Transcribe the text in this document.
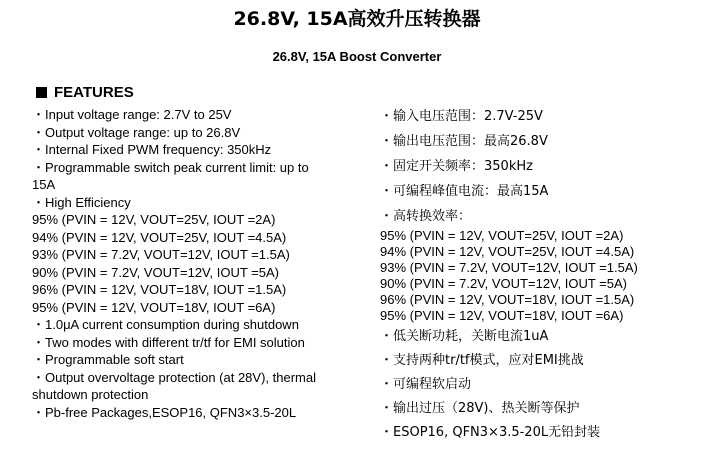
26.8V, 15A高效升压转换器
26.8V, 15A Boost Converter
FEATURES
・Input voltage range: 2.7V to 25V
・Output voltage range: up to 26.8V
・Internal Fixed PWM frequency: 350kHz
・Programmable switch peak current limit: up to
15A
・High Efficiency
95% (PVIN = 12V, VOUT=25V, IOUT =2A)
94% (PVIN = 12V, VOUT=25V, IOUT =4.5A)
93% (PVIN = 7.2V, VOUT=12V, IOUT =1.5A)
90% (PVIN = 7.2V, VOUT=12V, IOUT =5A)
96% (PVIN = 12V, VOUT=18V, IOUT =1.5A)
95% (PVIN = 12V, VOUT=18V, IOUT =6A)
・1.0μA current consumption during shutdown
・Two modes with different tr/tf for EMI solution
・Programmable soft start
・Output overvoltage protection (at 28V), thermal
shutdown protection
・Pb-free Packages,ESOP16, QFN3×3.5-20L
・输入电压范围：2.7V-25V
・输出电压范围：最高26.8V
・固定开关频率：350kHz
・可编程峰值电流：最高15A
・高转换效率：
95% (PVIN = 12V, VOUT=25V, IOUT =2A)
94% (PVIN = 12V, VOUT=25V, IOUT =4.5A)
93% (PVIN = 7.2V, VOUT=12V, IOUT =1.5A)
90% (PVIN = 7.2V, VOUT=12V, IOUT =5A)
96% (PVIN = 12V, VOUT=18V, IOUT =1.5A)
95% (PVIN = 12V, VOUT=18V, IOUT =6A)
・低关断功耗，关断电流1uA
・支持两种tr/tf模式，应对EMI挑战
・可编程软启动
・输出过压（28V)、热关断等保护
・ESOP16, QFN3×3.5-20L无铅封装
